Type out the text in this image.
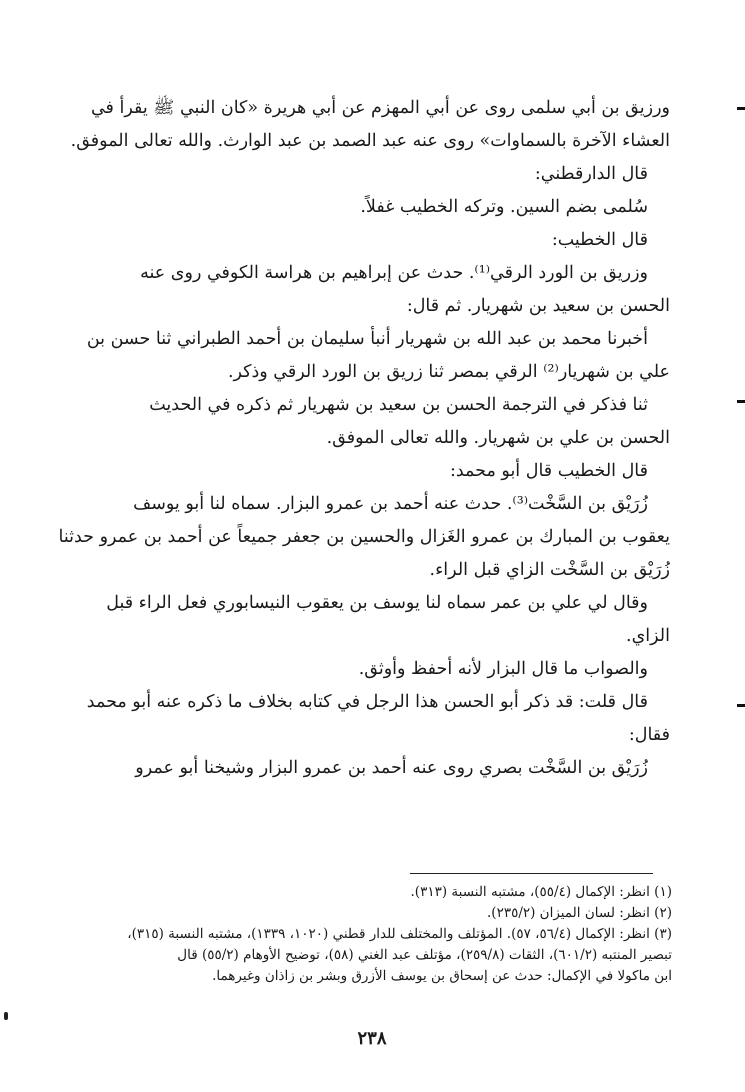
ورزيق بن أبي سلمى روى عن أبي المهزم عن أبي هريرة «كان النبي ﷺ يقرأ في

العشاء الآخرة بالسماوات» روى عنه عبد الصمد بن عبد الوارث. والله تعالى الموفق.

قال الدارقطني:

سُلمى بضم السين. وتركه الخطيب غفلاً.

قال الخطيب:

وزريق بن الورد الرقي⁽¹⁾. حدث عن إبراهيم بن هراسة الكوفي روى عنه

الحسن بن سعيد بن شهريار. ثم قال:

أخبرنا محمد بن عبد الله بن شهريار أنبأ سليمان بن أحمد الطبراني ثنا حسن بن

علي بن شهريار⁽²⁾ الرقي بمصر ثنا زريق بن الورد الرقي وذكر.

ثنا فذكر في الترجمة الحسن بن سعيد بن شهريار ثم ذكره في الحديث

الحسن بن علي بن شهريار. والله تعالى الموفق.

قال الخطيب قال أبو محمد:

زُرَيْق بن السَّخْت⁽³⁾. حدث عنه أحمد بن عمرو البزار. سماه لنا أبو يوسف

يعقوب بن المبارك بن عمرو الغَزال والحسين بن جعفر جميعاً عن أحمد بن عمرو حدثنا

زُرَيْق بن السَّخْت الزاي قبل الراء.

وقال لي علي بن عمر سماه لنا يوسف بن يعقوب النيسابوري فعل الراء قبل

الزاي.

والصواب ما قال البزار لأنه أحفظ وأوثق.

قال قلت: قد ذكر أبو الحسن هذا الرجل في كتابه بخلاف ما ذكره عنه أبو محمد

فقال:

زُرَيْق بن السَّخْت بصري روى عنه أحمد بن عمرو البزار وشيخنا أبو عمرو

(١) انظر: الإكمال (٥٥/٤)، مشتبه النسبة (٣١٣).

(٢) انظر: لسان الميزان (٢٣٥/٢).

(٣) انظر: الإكمال (٥٦/٤، ٥٧). المؤتلف والمختلف للدار قطني (١٠٢٠، ١٣٣٩)، مشتبه النسبة (٣١٥)،

تبصير المنتبه (٦٠١/٢)، الثقات (٢٥٩/٨)، مؤتلف عبد الغني (٥٨)، توضيح الأوهام (٥٥/٢) قال

ابن ماكولا في الإكمال: حدث عن إسحاق بن يوسف الأزرق وبشر بن زاذان وغيرهما.

٢٣٨
